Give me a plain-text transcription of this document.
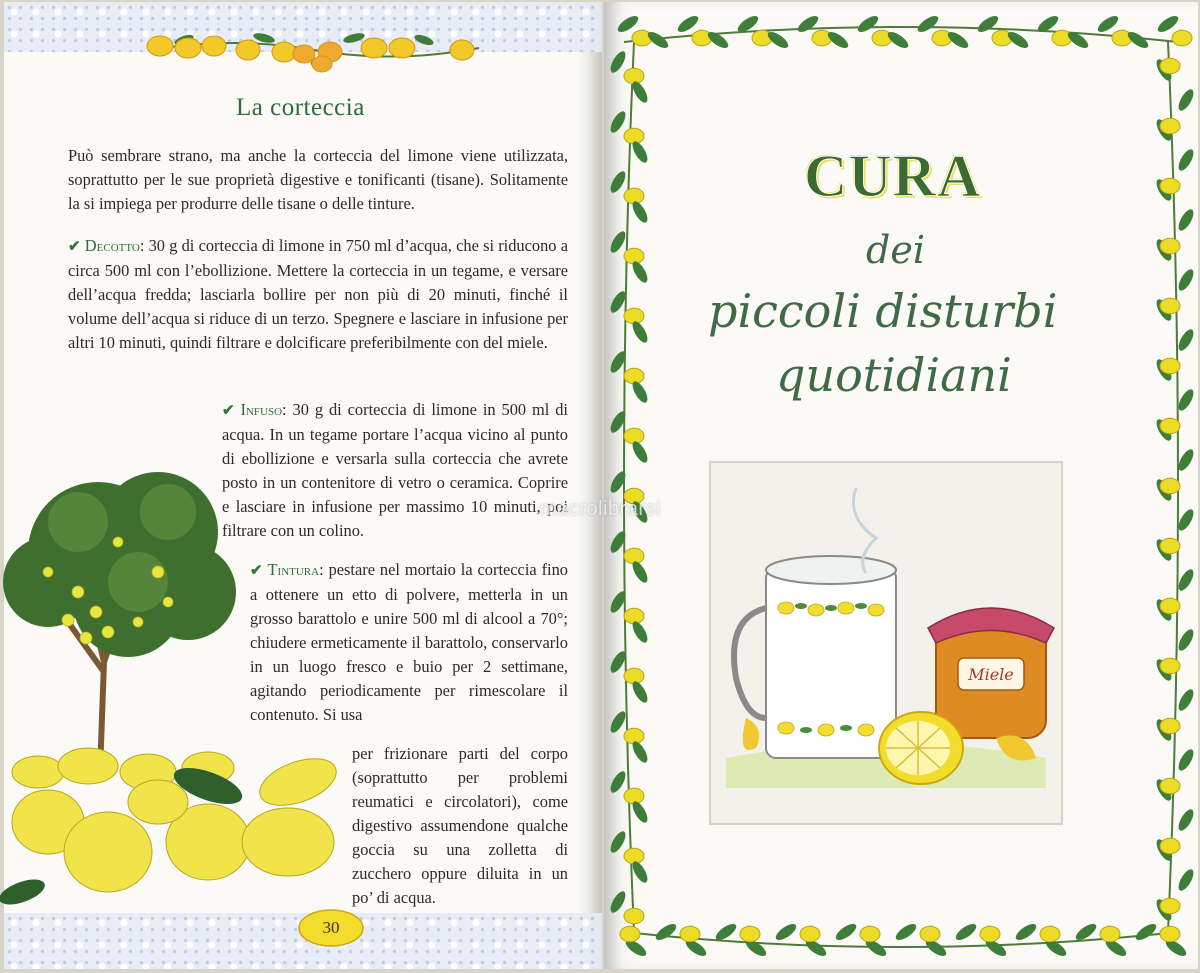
La corteccia

Può sembrare strano, ma anche la corteccia del limone viene utilizzata, soprattutto per le sue proprietà digestive e tonificanti (tisane). Solitamente la si impiega per produrre delle tisane o delle tinture.

✔ Decotto: 30 g di corteccia di limone in 750 ml d’acqua, che si riducono a circa 500 ml con l’ebollizione. Mettere la corteccia in un tegame, e versare dell’acqua fredda; lasciarla bollire per non più di 20 minuti, finché il volume dell’acqua si riduce di un terzo. Spegnere e lasciare in infusione per altri 10 minuti, quindi filtrare e dolcificare preferibilmente con del miele.

✔ Infuso: 30 g di corteccia di limone in 500 ml di acqua. In un tegame portare l’acqua vicino al punto di ebollizione e versarla sulla corteccia che avrete posto in un contenitore di vetro o ceramica. Coprire e lasciare in infusione per massimo 10 minuti, poi filtrare con un colino.

✔ Tintura: pestare nel mortaio la corteccia fino a ottenere un etto di polvere, metterla in un grosso barattolo e unire 500 ml di alcool a 70°; chiudere ermeticamente il barattolo, conservarlo in un luogo fresco e buio per 2 settimane, agitando periodicamente per rimescolare il contenuto. Si usa

per frizionare parti del corpo (soprattutto per problemi reumatici e circolatori), come digestivo assumendone qualche goccia su una zolletta di zucchero oppure diluita in un po’ di acqua.

30
CURA

dei

piccoli disturbi

quotidiani

Miele
macrolibrarsi
